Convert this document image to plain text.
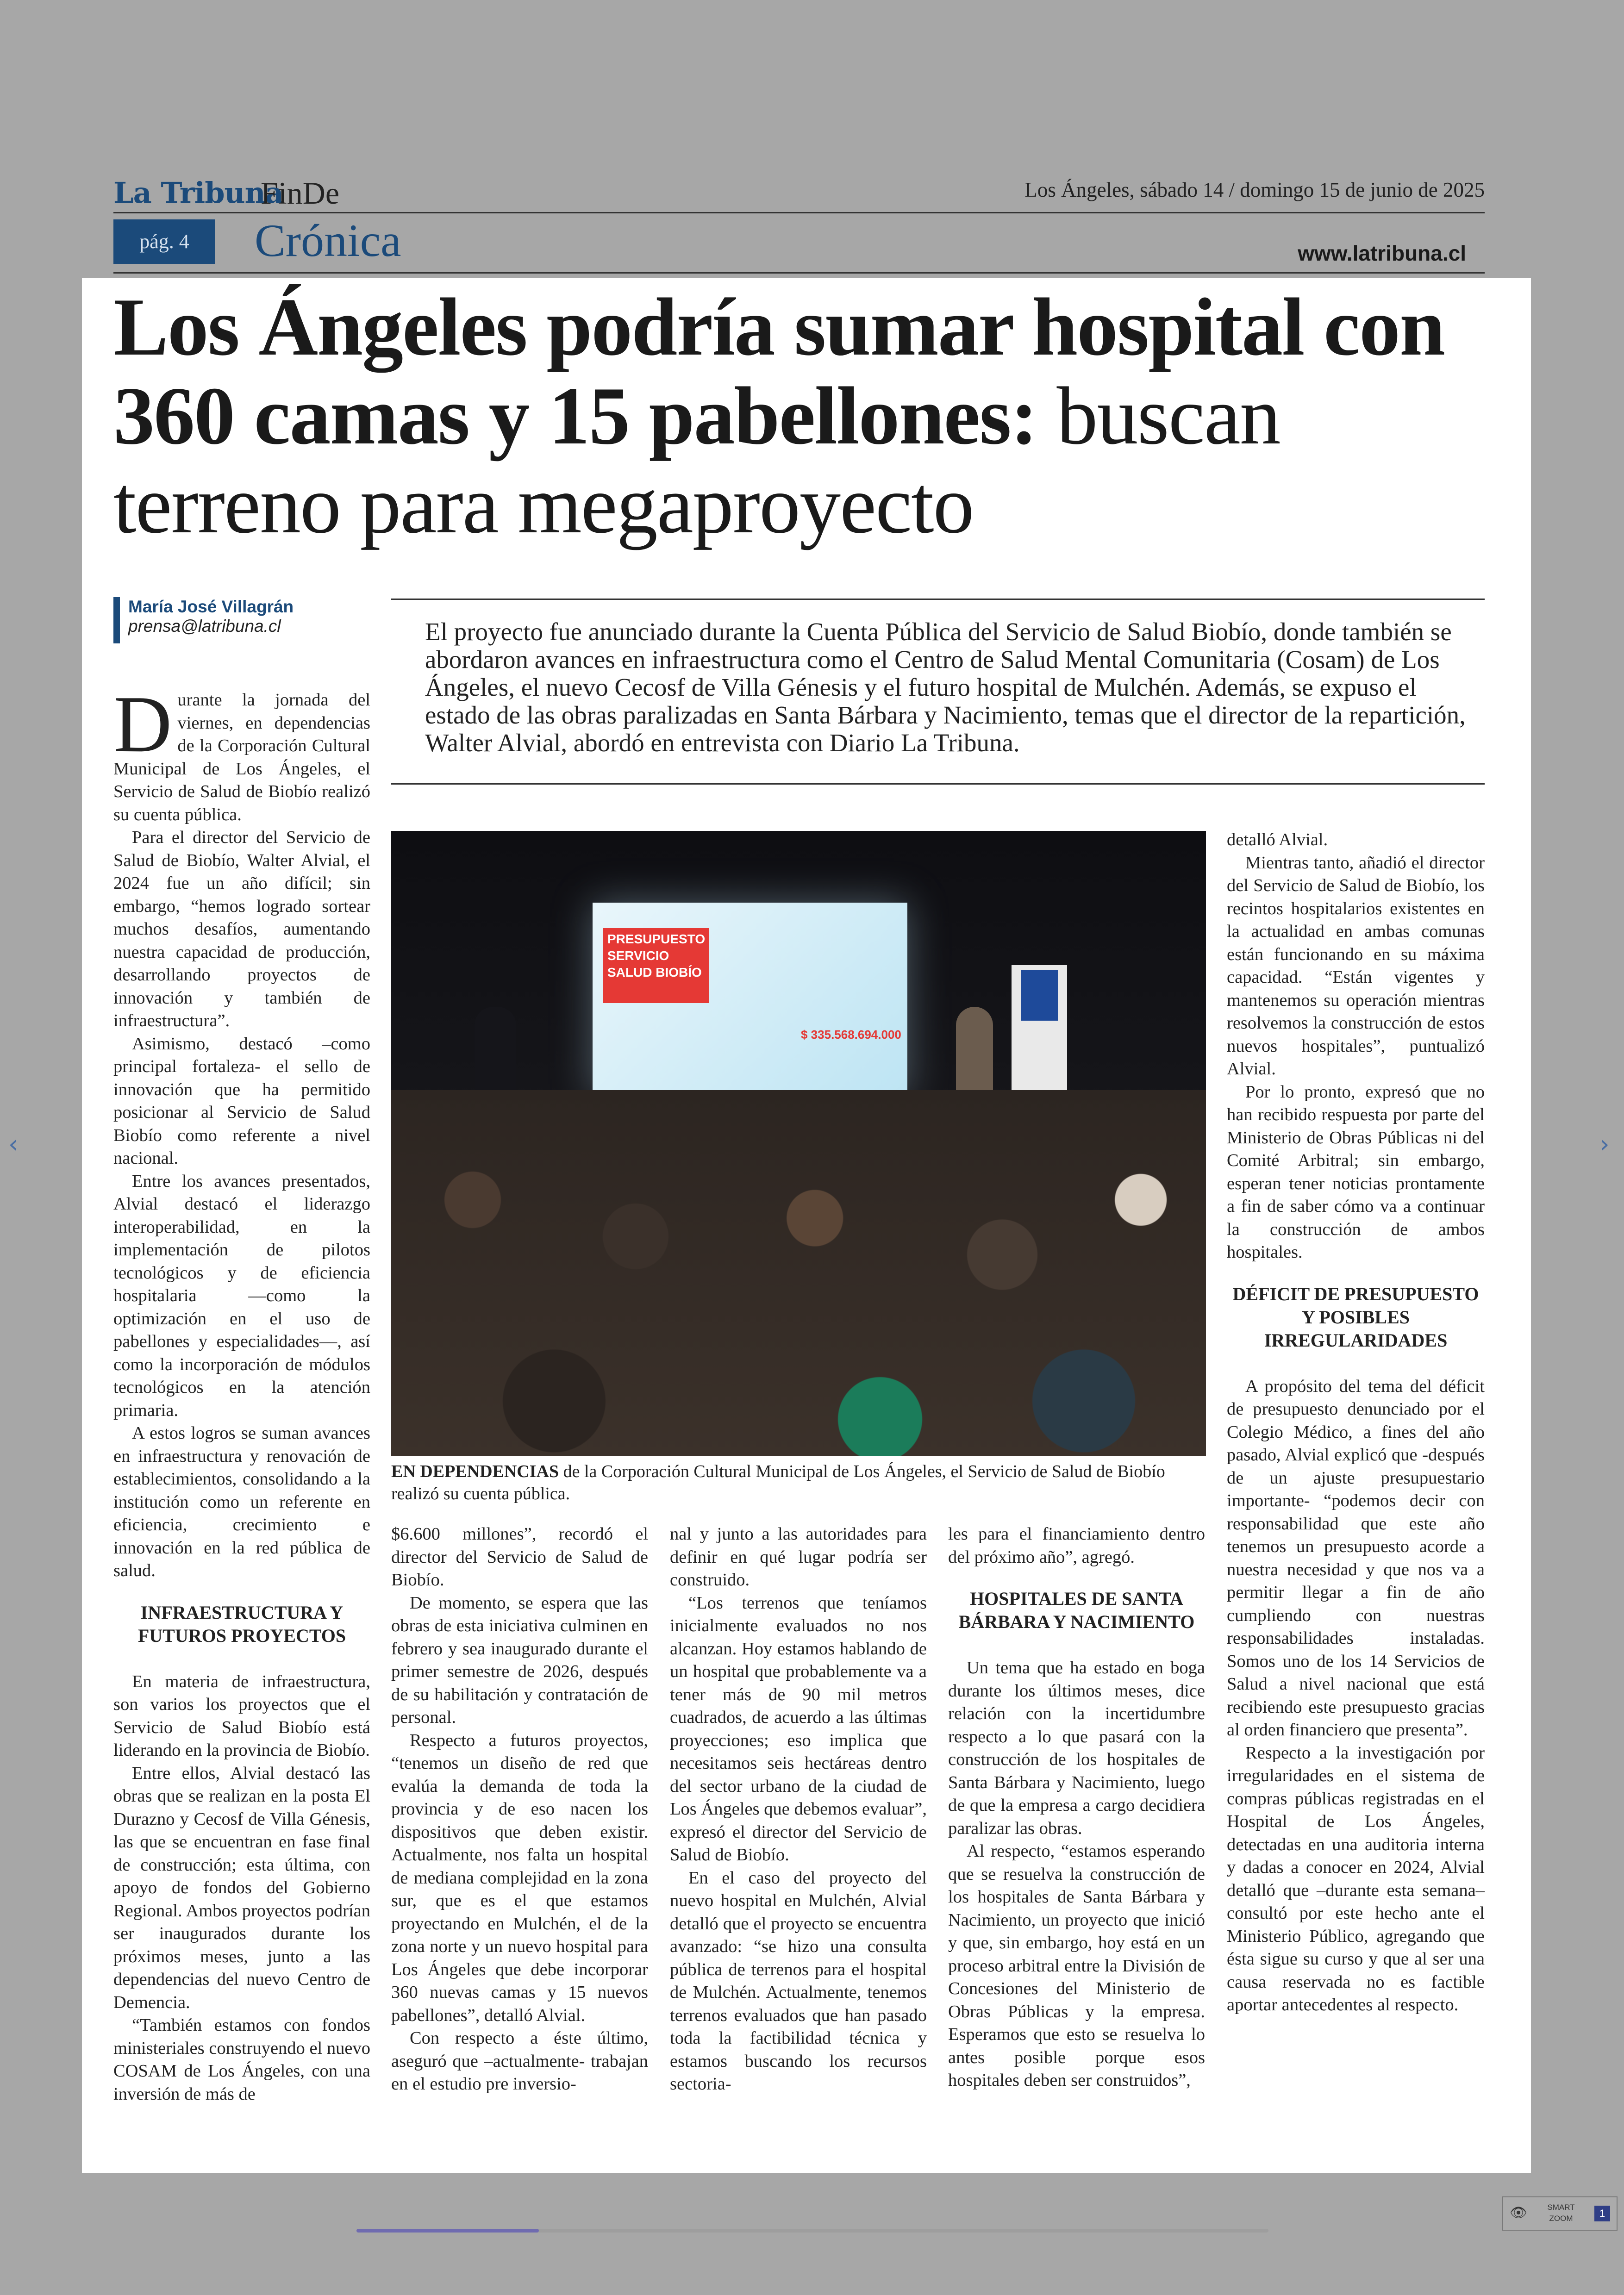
La Tribuna
FinDe	Los Ángeles, sábado 14 / domingo 15 de junio de 2025
pág. 4	Crónica	www.latribuna.cl
Los Ángeles podría sumar hospital con 360 camas y 15 pabellones: buscan terreno para megaproyecto
María José Villagrán
prensa@latribuna.cl	El proyecto fue anunciado durante la Cuenta Pública del Servicio de Salud Biobío, donde también se abordaron avances en infraestructura como el Centro de Salud Mental Comunitaria (Cosam) de Los Ángeles, el nuevo Cecosf de Villa Génesis y el futuro hospital de Mulchén. Además, se expuso el estado de las obras paralizadas en Santa Bárbara y Nacimiento, temas que el director de la repartición, Walter Alvial, abordó en entrevista con Diario La Tribuna.

PRESUPUESTO SERVICIO SALUD BIOBÍO
$ 335.568.694.000

EN DEPENDENCIAS de la Corporación Cultural Municipal de Los Ángeles, el Servicio de Salud de Biobío realizó su cuenta pública.

Durante la jornada del viernes, en dependencias de la Corporación Cultural Municipal de Los Ángeles, el Servicio de Salud de Biobío realizó su cuenta pública.

Para el director del Servicio de Salud de Biobío, Walter Alvial, el 2024 fue un año difícil; sin embargo, “hemos logrado sortear muchos desafíos, aumentando nuestra capacidad de producción, desarrollando proyectos de innovación y también de infraestructura”.

Asimismo, destacó –como principal fortaleza- el sello de innovación que ha permitido posicionar al Servicio de Salud Biobío como referente a nivel nacional.

Entre los avances presentados, Alvial destacó el liderazgo interoperabilidad, en la implementación de pilotos tecnológicos y de eficiencia hospitalaria —como la optimización en el uso de pabellones y especialidades—, así como la incorporación de módulos tecnológicos en la atención primaria.

A estos logros se suman avances en infraestructura y renovación de establecimientos, consolidando a la institución como un referente en eficiencia, crecimiento e innovación en la red pública de salud.

INFRAESTRUCTURA Y FUTUROS PROYECTOS

En materia de infraestructura, son varios los proyectos que el Servicio de Salud Biobío está liderando en la provincia de Biobío.

Entre ellos, Alvial destacó las obras que se realizan en la posta El Durazno y Cecosf de Villa Génesis, las que se encuentran en fase final de construcción; esta última, con apoyo de fondos del Gobierno Regional. Ambos proyectos podrían ser inaugurados durante los próximos meses, junto a las dependencias del nuevo Centro de Demencia.

“También estamos con fondos ministeriales construyendo el nuevo COSAM de Los Ángeles, con una inversión de más de

$6.600 millones”, recordó el director del Servicio de Salud de Biobío.

De momento, se espera que las obras de esta iniciativa culminen en febrero y sea inaugurado durante el primer semestre de 2026, después de su habilitación y contratación de personal.

Respecto a futuros proyectos, “tenemos un diseño de red que evalúa la demanda de toda la provincia y de eso nacen los dispositivos que deben existir. Actualmente, nos falta un hospital de mediana complejidad en la zona sur, que es el que estamos proyectando en Mulchén, el de la zona norte y un nuevo hospital para Los Ángeles que debe incorporar 360 nuevas camas y 15 nuevos pabellones”, detalló Alvial.

Con respecto a éste último, aseguró que –actualmente- trabajan en el estudio pre inversio-

nal y junto a las autoridades para definir en qué lugar podría ser construido.

“Los terrenos que teníamos inicialmente evaluados no nos alcanzan. Hoy estamos hablando de un hospital que probablemente va a tener más de 90 mil metros cuadrados, de acuerdo a las últimas proyecciones; eso implica que necesitamos seis hectáreas dentro del sector urbano de la ciudad de Los Ángeles que debemos evaluar”, expresó el director del Servicio de Salud de Biobío.

En el caso del proyecto del nuevo hospital en Mulchén, Alvial detalló que el proyecto se encuentra avanzado: “se hizo una consulta pública de terrenos para el hospital de Mulchén. Actualmente, tenemos terrenos evaluados que han pasado toda la factibilidad técnica y estamos buscando los recursos sectoria-

les para el financiamiento dentro del próximo año”, agregó.

HOSPITALES DE SANTA BÁRBARA Y NACIMIENTO

Un tema que ha estado en boga durante los últimos meses, dice relación con la incertidumbre respecto a lo que pasará con la construcción de los hospitales de Santa Bárbara y Nacimiento, luego de que la empresa a cargo decidiera paralizar las obras.

Al respecto, “estamos esperando que se resuelva la construcción de los hospitales de Santa Bárbara y Nacimiento, un proyecto que inició y que, sin embargo, hoy está en un proceso arbitral entre la División de Concesiones del Ministerio de Obras Públicas y la empresa. Esperamos que esto se resuelva lo antes posible porque esos hospitales deben ser construidos”,

detalló Alvial.

Mientras tanto, añadió el director del Servicio de Salud de Biobío, los recintos hospitalarios existentes en la actualidad en ambas comunas están funcionando en su máxima capacidad. “Están vigentes y mantenemos su operación mientras resolvemos la construcción de estos nuevos hospitales”, puntualizó Alvial.

Por lo pronto, expresó que no han recibido respuesta por parte del Ministerio de Obras Públicas ni del Comité Arbitral; sin embargo, esperan tener noticias prontamente a fin de saber cómo va a continuar la construcción de ambos hospitales.

DÉFICIT DE PRESUPUESTO Y POSIBLES IRREGULARIDADES

A propósito del tema del déficit de presupuesto denunciado por el Colegio Médico, a fines del año pasado, Alvial explicó que -después de un ajuste presupuestario importante- “podemos decir con responsabilidad que este año tenemos un presupuesto acorde a nuestra necesidad y que nos va a permitir llegar a fin de año cumpliendo con nuestras responsabilidades instaladas. Somos uno de los 14 Servicios de Salud a nivel nacional que está recibiendo este presupuesto gracias al orden financiero que presenta”.

Respecto a la investigación por irregularidades en el sistema de compras públicas registradas en el Hospital de Los Ángeles, detectadas en una auditoria interna y dadas a conocer en 2024, Alvial detalló que –durante esta semana– consultó por este hecho ante el Ministerio Público, agregando que ésta sigue su curso y que al ser una causa reservada no es factible aportar antecedentes al respecto.

‹	›
👁	SMART ZOOM	1
